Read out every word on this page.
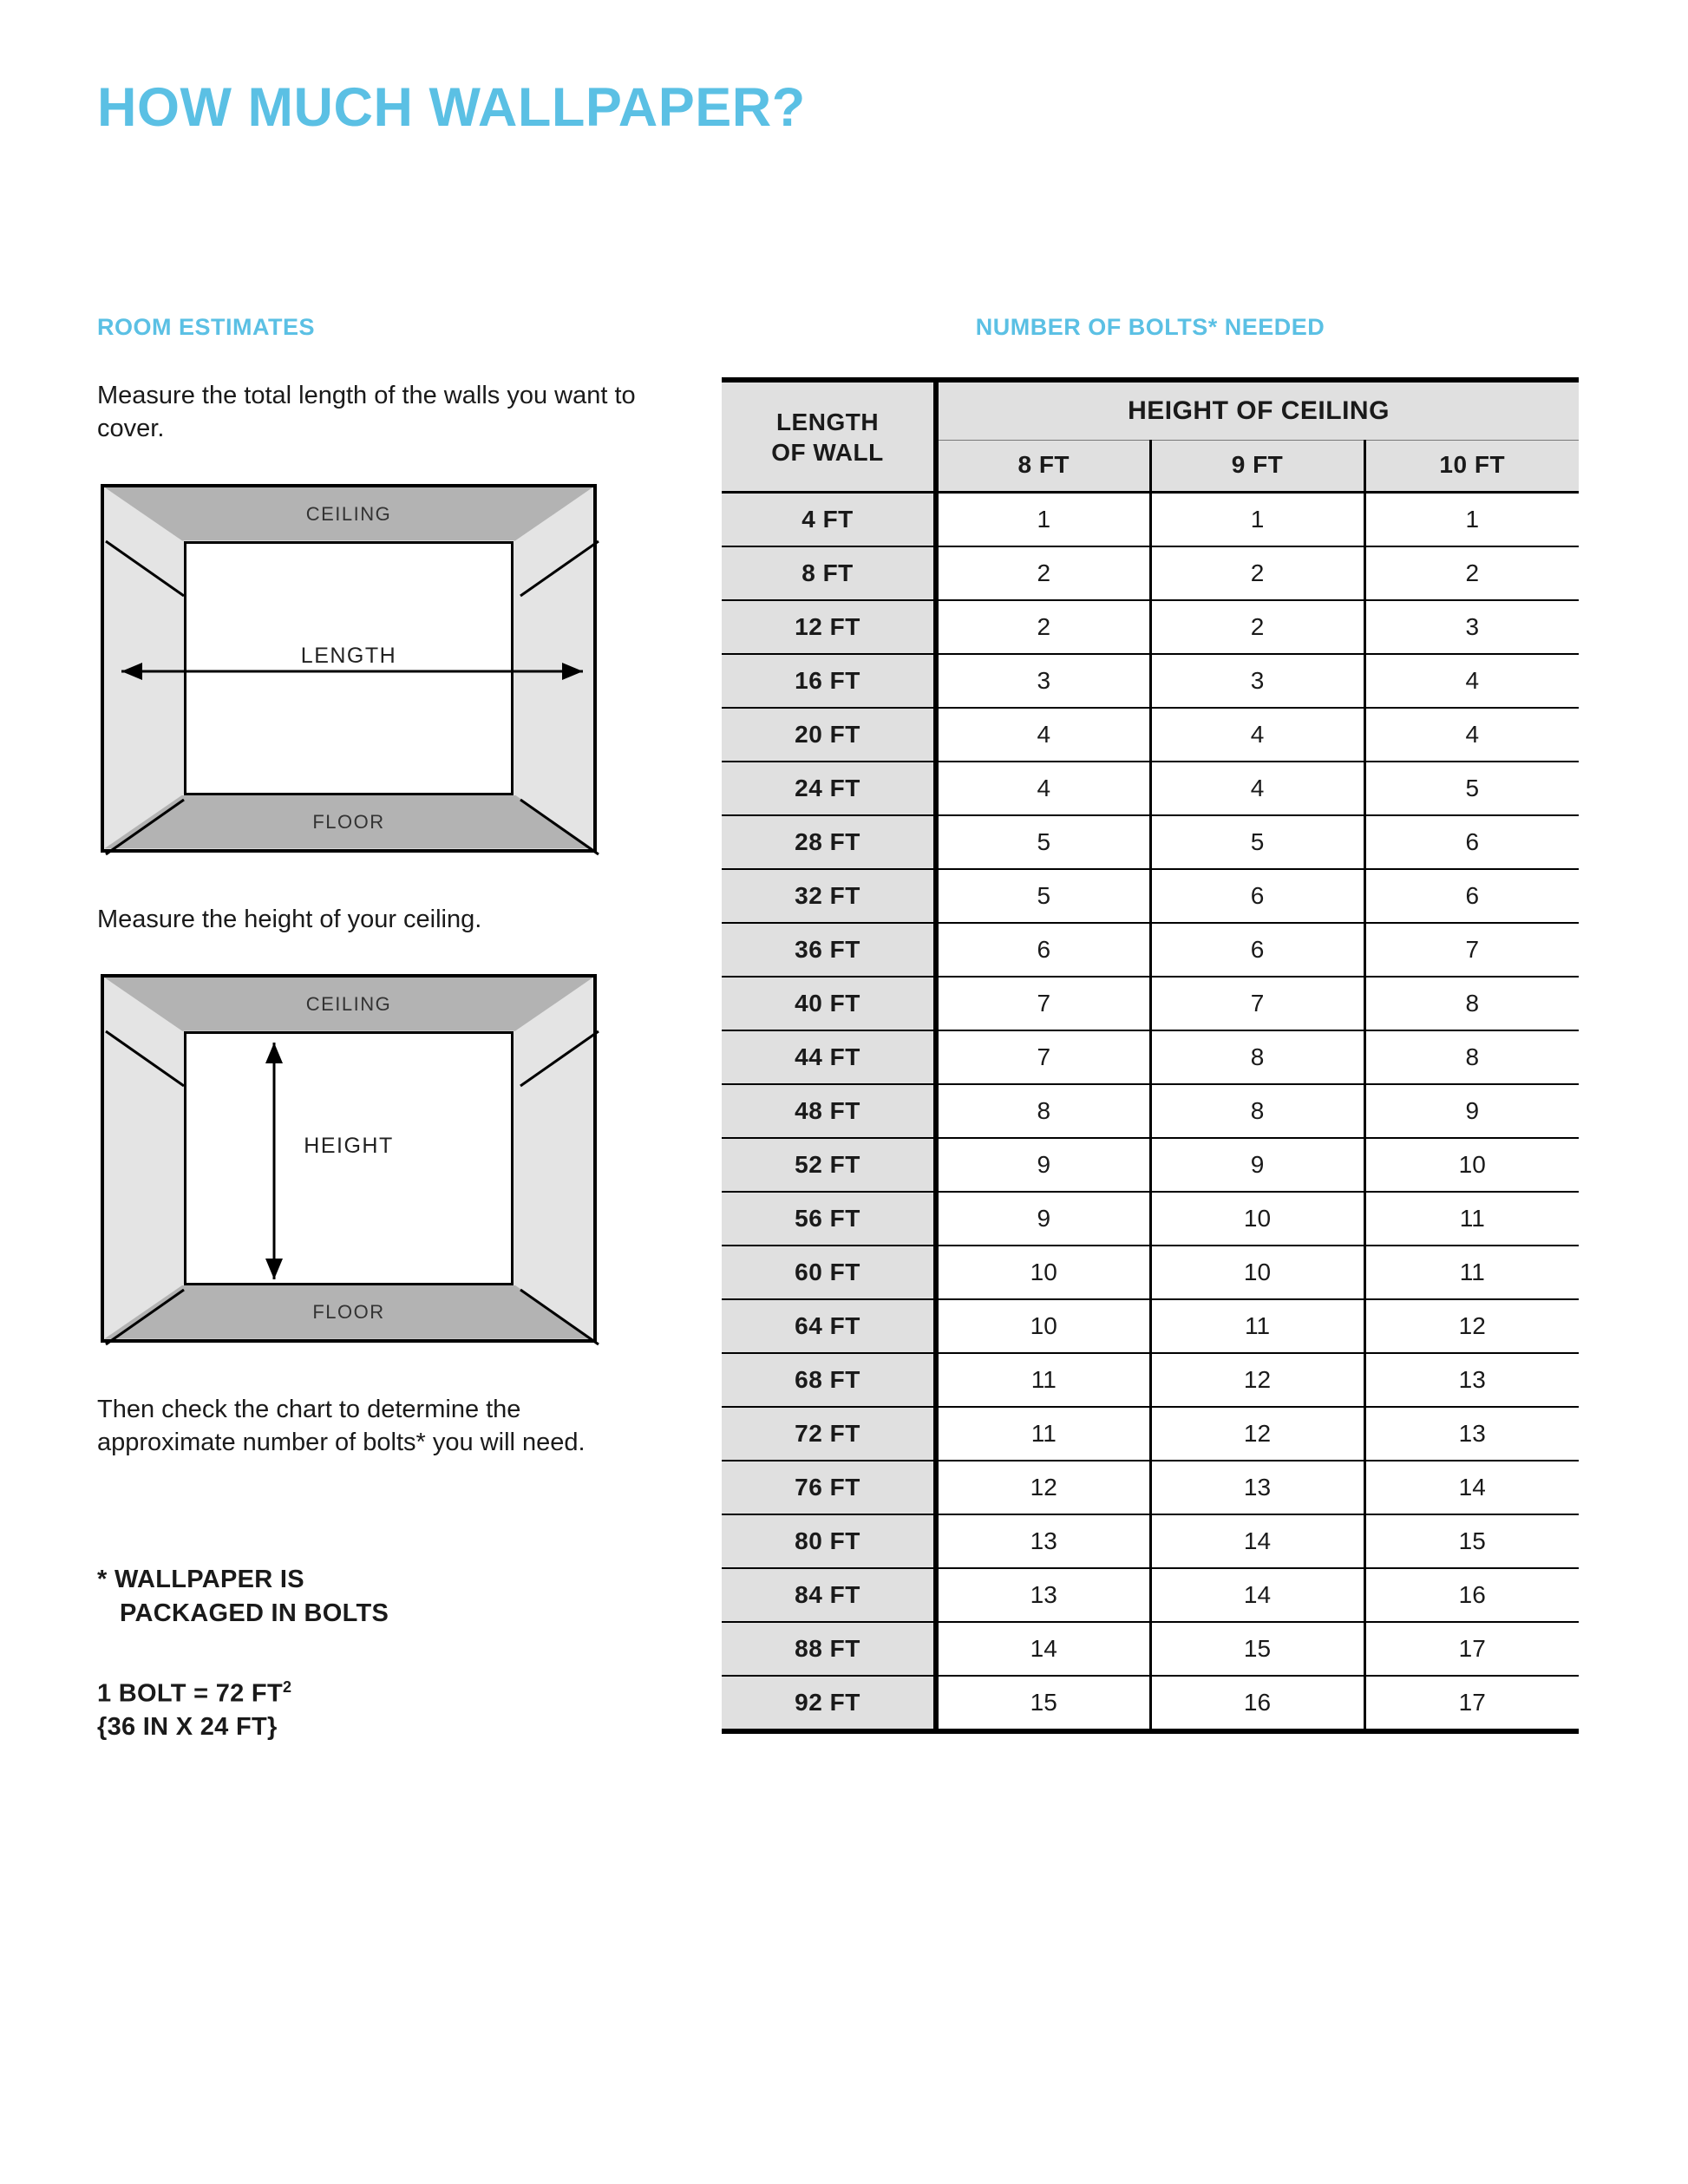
HOW MUCH WALLPAPER?
ROOM ESTIMATES

Measure the total length of the walls you want to cover.

CEILING
FLOOR
LENGTH

Measure the height of your ceiling.

CEILING
FLOOR
HEIGHT

Then check the chart to determine the approximate number of bolts* you will need.

* WALLPAPER IS

PACKAGED IN BOLTS
1 BOLT = 72 $FT^2$
{36 IN X 24 FT}
NUMBER OF BOLTS* NEEDED
LENGTH
OF WALL	HEIGHT OF CEILING		
	8 FT	9 FT	10 FT
4 FT	1	1	1
8 FT	2	2	2
12 FT	2	2	3
16 FT	3	3	4
20 FT	4	4	4
24 FT	4	4	5
28 FT	5	5	6
32 FT	5	6	6
36 FT	6	6	7
40 FT	7	7	8
44 FT	7	8	8
48 FT	8	8	9
52 FT	9	9	10
56 FT	9	10	11
60 FT	10	10	11
64 FT	10	11	12
68 FT	11	12	13
72 FT	11	12	13
76 FT	12	13	14
80 FT	13	14	15
84 FT	13	14	16
88 FT	14	15	17
92 FT	15	16	17
